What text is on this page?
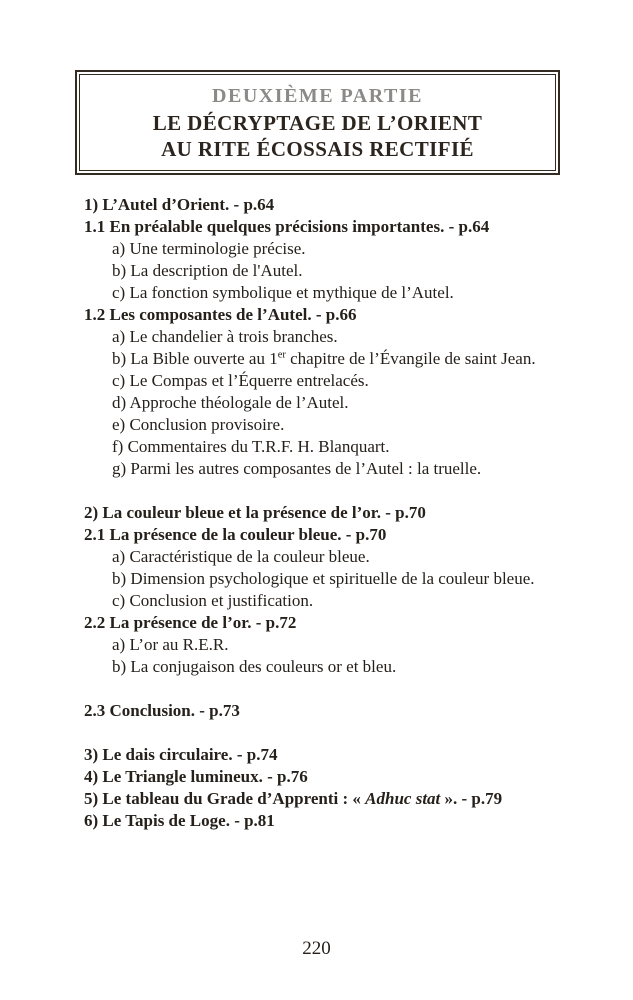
DEUXIÈME PARTIE
LE DÉCRYPTAGE DE L’ORIENT
AU RITE ÉCOSSAIS RECTIFIÉ
1) L’Autel d’Orient. - p.64
1.1 En préalable quelques précisions importantes. - p.64
a) Une terminologie précise.
b) La description de l'Autel.
c) La fonction symbolique et mythique de l’Autel.
1.2 Les composantes de l’Autel. - p.66
a) Le chandelier à trois branches.
b) La Bible ouverte au 1er chapitre de l’Évangile de saint Jean.
c) Le Compas et l’Équerre entrelacés.
d) Approche théologale de l’Autel.
e) Conclusion provisoire.
f) Commentaires du T.R.F. H. Blanquart.
g) Parmi les autres composantes de l’Autel : la truelle.
2) La couleur bleue et la présence de l’or. - p.70
2.1 La présence de la couleur bleue. - p.70
a) Caractéristique de la couleur bleue.
b) Dimension psychologique et spirituelle de la couleur bleue.
c) Conclusion et justification.
2.2 La présence de l’or. - p.72
a) L’or au R.E.R.
b) La conjugaison des couleurs or et bleu.
2.3 Conclusion. - p.73
3) Le dais circulaire. - p.74
4) Le Triangle lumineux. - p.76
5) Le tableau du Grade d’Apprenti : « Adhuc stat ». - p.79
6) Le Tapis de Loge. - p.81
220
